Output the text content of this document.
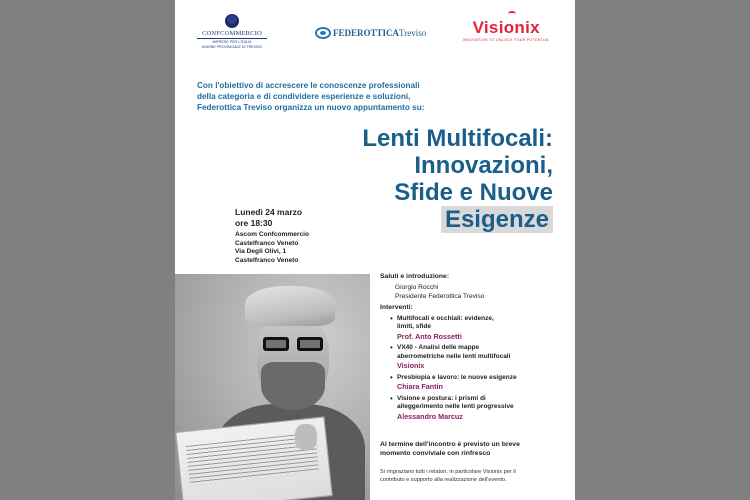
CONFCOMMERCIO
IMPRESE PER L'ITALIA
UNIONE PROVINCIALE DI TREVISO
FEDEROTTICATreviso	Visionix
INNOVATION TO UNLOCK YOUR POTENTIAL
Con l'obiettivo di accrescere le conoscenze professionali
della categoria e di condividere esperienze e soluzioni,
Federottica Treviso organizza un nuovo appuntamento su:
Lenti Multifocali:
Innovazioni,
Sfide e Nuove
Esigenze
Lunedì 24 marzo
ore 18:30
Ascom Confcommercio
Castelfranco Veneto
Via Degli Olivi, 1
Castelfranco Veneto
Saluti e introduzione:
Giorgio Rocchi
Presidente Federottica Treviso
Interventi:
• Multifocali e occhiali: evidenze,
limiti, sfide
Prof. Anto Rossetti
• VX40 - Analisi delle mappe
aberrometriche nelle lenti multifocali
Visionix
• Presbiopia e lavoro: le nuove esigenze
Chiara Fantin
• Visione e postura: i prismi di
alleggerimento nelle lenti progressive
Alessandro Marcuz
Al termine dell'incontro è previsto un breve
momento conviviale con rinfresco
Si ringraziano tutti i relatori, in particolare Visionix per il
contributo e supporto alla realizzazione dell'evento.
